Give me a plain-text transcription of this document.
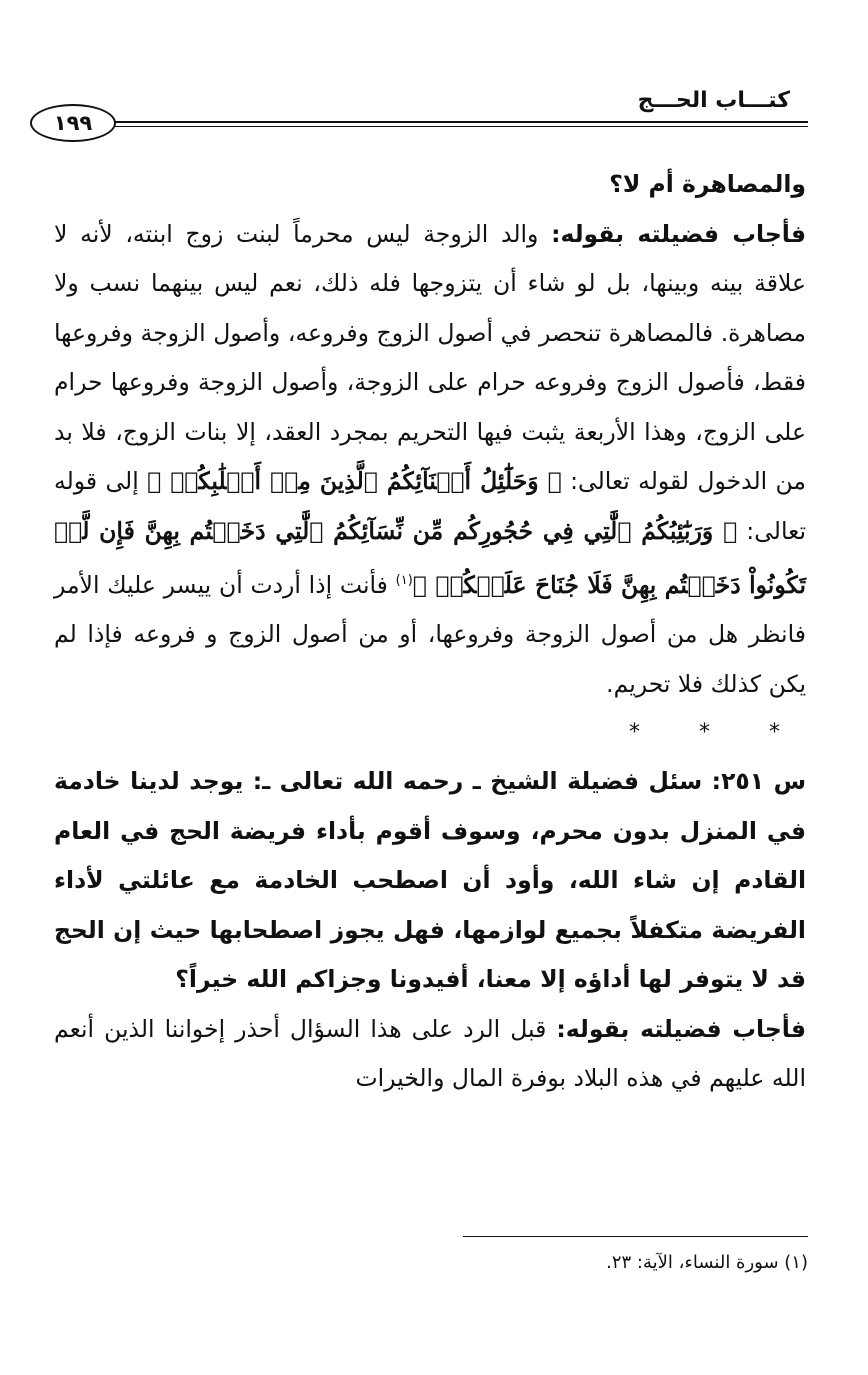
كتـــاب الحـــج
١٩٩

والمصاهرة أم لا؟

فأجاب فضيلته بقوله: والد الزوجة ليس محرماً لبنت زوج ابنته، لأنه لا علاقة بينه وبينها، بل لو شاء أن يتزوجها فله ذلك، نعم ليس بينهما نسب ولا مصاهرة. فالمصاهرة تنحصر في أصول الزوج وفروعه، وأصول الزوجة وفروعها فقط، فأصول الزوج وفروعه حرام على الزوجة، وأصول الزوجة وفروعها حرام على الزوج، وهذا الأربعة يثبت فيها التحريم بمجرد العقد، إلا بنات الزوج، فلا بد من الدخول لقوله تعالى: ﴿ وَحَلَٰٓئِلُ أَبۡنَآئِكُمُ ٱلَّذِينَ مِنۡ أَصۡلَٰبِكُمۡ ﴾ إلى قوله تعالى: ﴿ وَرَبَٰٓئِبُكُمُ ٱلَّٰتِي فِي حُجُورِكُم مِّن نِّسَآئِكُمُ ٱلَّٰتِي دَخَلۡتُم بِهِنَّ فَإِن لَّمۡ تَكُونُواْ دَخَلۡتُم بِهِنَّ فَلَا جُنَاحَ عَلَيۡكُمۡ ﴾$^{(١)}$ فأنت إذا أردت أن ييسر عليك الأمر فانظر هل من أصول الزوجة وفروعها، أو من أصول الزوج و فروعه فإذا لم يكن كذلك فلا تحريم.

* * *

س ٢٥١: سئل فضيلة الشيخ ـ رحمه الله تعالى ـ: يوجد لدينا خادمة في المنزل بدون محرم، وسوف أقوم بأداء فريضة الحج في العام القادم إن شاء الله، وأود أن اصطحب الخادمة مع عائلتي لأداء الفريضة متكفلاً بجميع لوازمها، فهل يجوز اصطحابها حيث إن الحج قد لا يتوفر لها أداؤه إلا معنا، أفيدونا وجزاكم الله خيراً؟

فأجاب فضيلته بقوله: قبل الرد على هذا السؤال أحذر إخواننا الذين أنعم الله عليهم في هذه البلاد بوفرة المال والخيرات

(١) سورة النساء، الآية: ٢٣.
